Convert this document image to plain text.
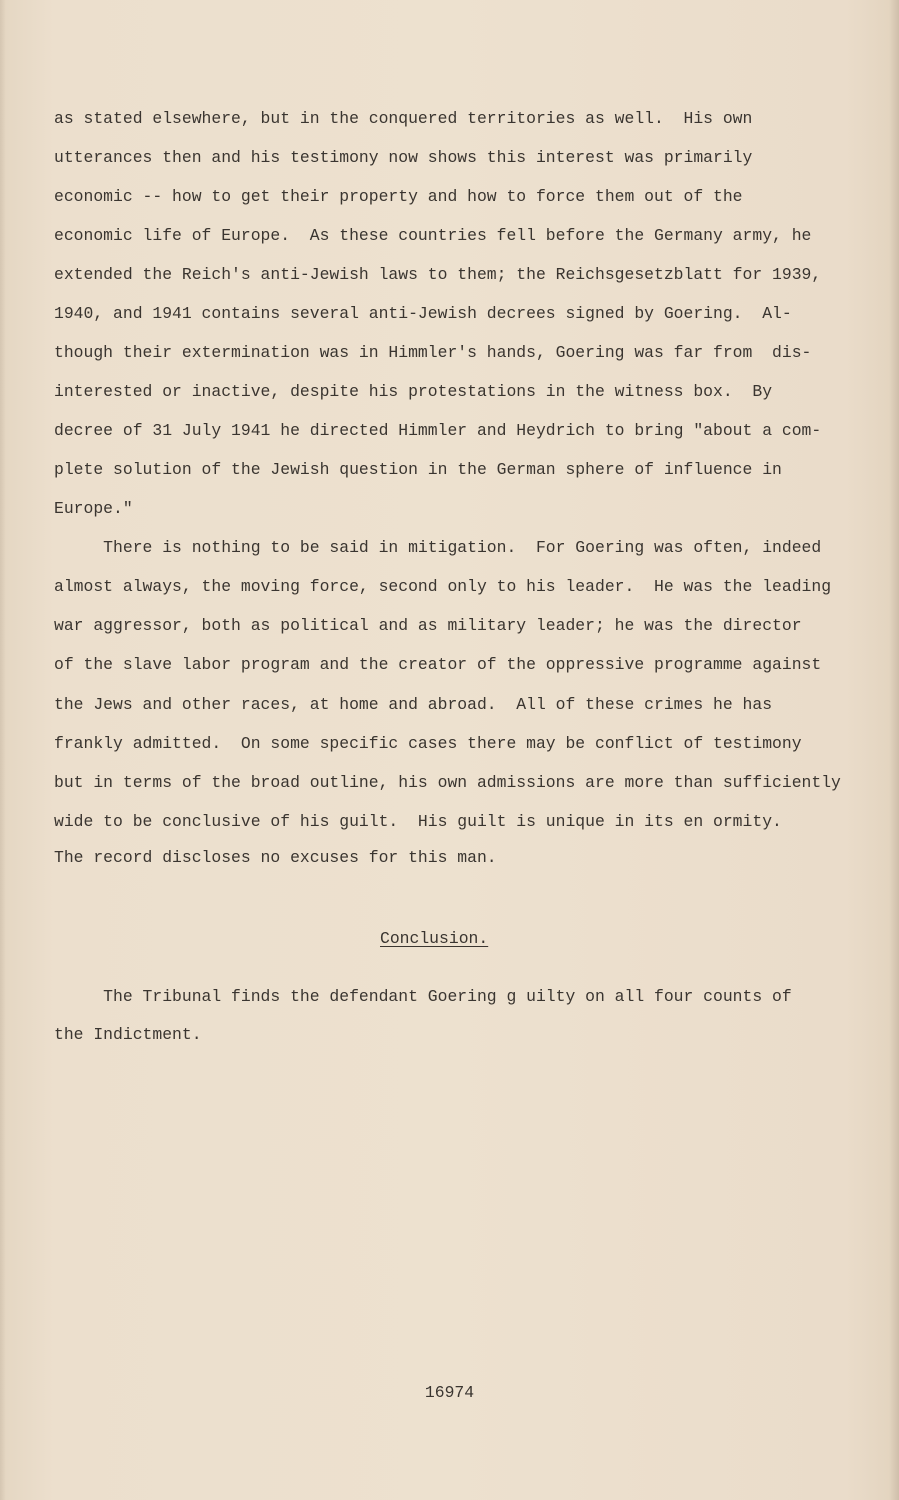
as stated elsewhere, but in the conquered territories as well.  His own
utterances then and his testimony now shows this interest was primarily
economic -- how to get their property and how to force them out of the
economic life of Europe.  As these countries fell before the Germany army, he
extended the Reich's anti-Jewish laws to them; the Reichsgesetzblatt for 1939,
1940, and 1941 contains several anti-Jewish decrees signed by Goering.  Al-
though their extermination was in Himmler's hands, Goering was far from  dis-
interested or inactive, despite his protestations in the witness box.  By
decree of 31 July 1941 he directed Himmler and Heydrich to bring "about a com-
plete solution of the Jewish question in the German sphere of influence in
Europe."
There is nothing to be said in mitigation.  For Goering was often, indeed
almost always, the moving force, second only to his leader.  He was the leading
war aggressor, both as political and as military leader; he was the director
of the slave labor program and the creator of the oppressive programme against
the Jews and other races, at home and abroad.  All of these crimes he has
frankly admitted.  On some specific cases there may be conflict of testimony
but in terms of the broad outline, his own admissions are more than sufficiently
wide to be conclusive of his guilt.  His guilt is unique in its en ormity.
The record discloses no excuses for this man.
Conclusion.
The Tribunal finds the defendant Goering g uilty on all four counts of
the Indictment.
16974
